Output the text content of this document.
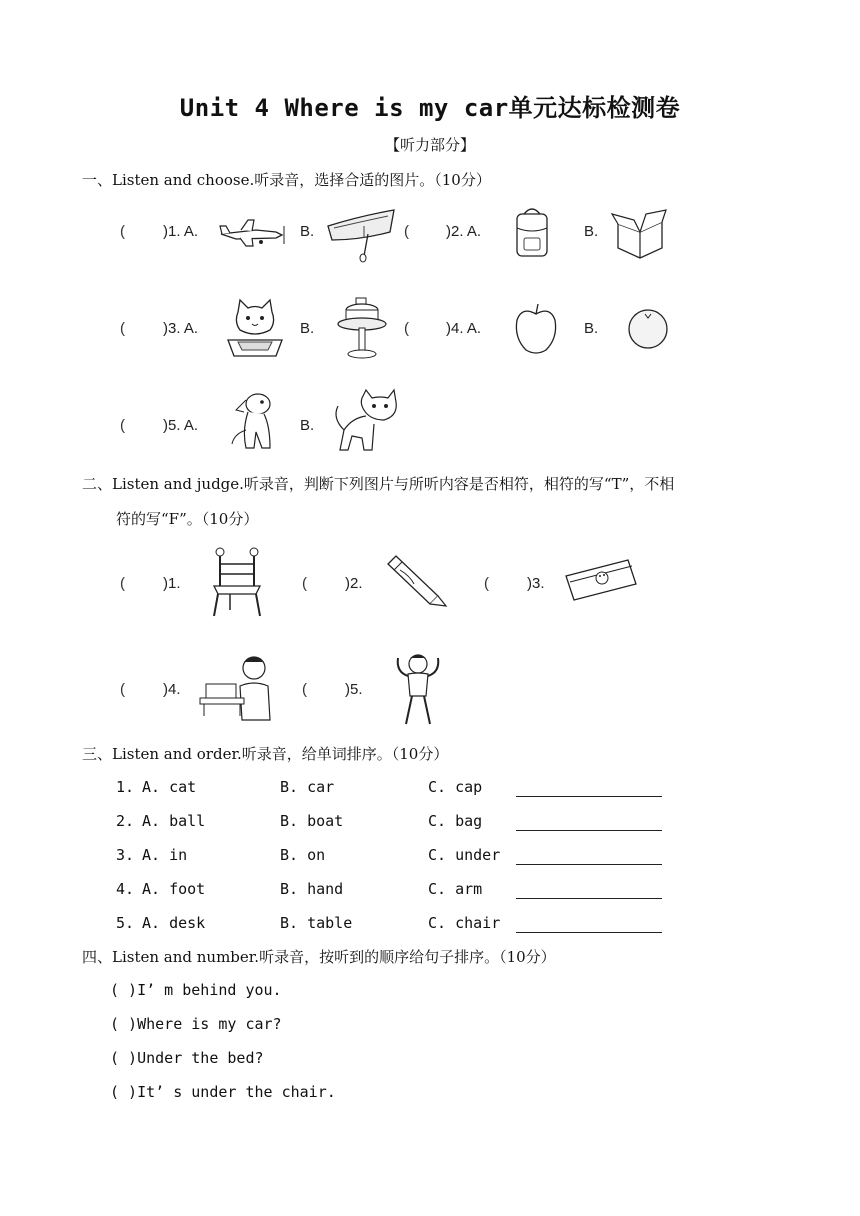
Unit 4 Where is my car单元达标检测卷
【听力部分】
一、Listen and choose.听录音，选择合适的图片。（10分）
(	)1. A.	B.	( )2. A.	B.
(	)3. A.	B.	( )4. A.	B.
(	)5. A.	B.
二、Listen and judge.听录音，判断下列图片与所听内容是否相符，相符的写“T”，不相
符的写“F”。（10分）
(	)1.	(	)2.	(	)3.
(	)4.	(	)5.
三、Listen and order.听录音，给单词排序。（10分）
1. A. cat	B. car	C. cap
2. A. ball	B. boat	C. bag
3. A. in	B. on	C. under
4. A. foot	B. hand	C. arm
5. A. desk	B. table	C. chair
四、Listen and number.听录音，按听到的顺序给句子排序。（10分）
( )I’ m behind you.
( )Where is my car?
( )Under the bed?
( )It’ s under the chair.
